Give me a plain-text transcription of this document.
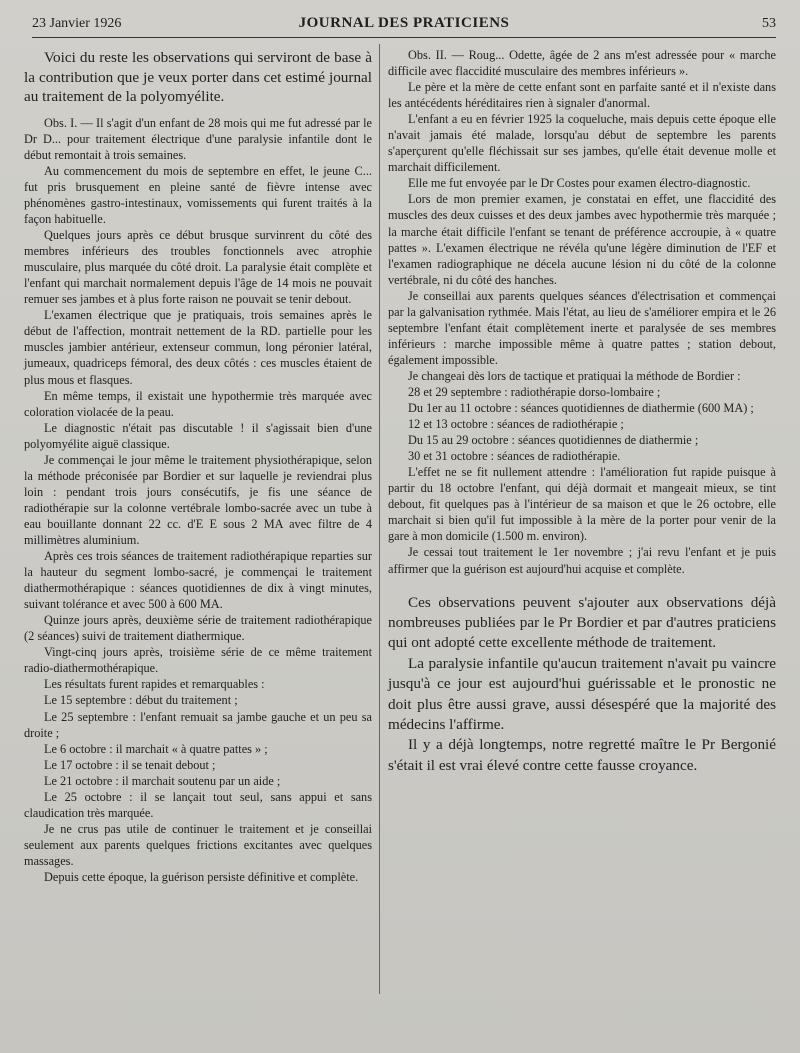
23 Janvier 1926	JOURNAL DES PRATICIENS	53

Voici du reste les observations qui serviront de base à la contribution que je veux porter dans cet estimé journal au traitement de la polyomyélite.

Obs. I. — Il s'agit d'un enfant de 28 mois qui me fut adressé par le Dr D... pour traitement électrique d'une paralysie infantile dont le début remontait à trois semaines.

Au commencement du mois de septembre en effet, le jeune C... fut pris brusquement en pleine santé de fièvre intense avec phénomènes gastro-intestinaux, vomissements qui furent traités à la façon habituelle.

Quelques jours après ce début brusque survinrent du côté des membres inférieurs des troubles fonctionnels avec atrophie musculaire, plus marquée du côté droit. La paralysie était complète et l'enfant qui marchait normalement depuis l'âge de 14 mois ne pouvait remuer ses jambes et à plus forte raison ne pouvait se tenir debout.

L'examen électrique que je pratiquais, trois semaines après le début de l'affection, montrait nettement de la RD. partielle pour les muscles jambier antérieur, extenseur commun, long péronier latéral, jumeaux, quadriceps fémoral, des deux côtés : ces muscles étaient de plus mous et flasques.

En même temps, il existait une hypothermie très marquée avec coloration violacée de la peau.

Le diagnostic n'était pas discutable ! il s'agissait bien d'une polyomyélite aiguë classique.

Je commençai le jour même le traitement physiothérapique, selon la méthode préconisée par Bordier et sur laquelle je reviendrai plus loin : pendant trois jours consécutifs, je fis une séance de radiothérapie sur la colonne vertébrale lombo-sacrée avec un tube à eau bouillante donnant 22 cc. d'E E sous 2 MA avec filtre de 4 millimètres aluminium.

Après ces trois séances de traitement radiothérapique reparties sur la hauteur du segment lombo-sacré, je commençai le traitement diathermothérapique : séances quotidiennes de dix à vingt minutes, suivant tolérance et avec 500 à 600 MA.

Quinze jours après, deuxième série de traitement radiothérapique (2 séances) suivi de traitement diathermique.

Vingt-cinq jours après, troisième série de ce même traitement radio-diathermothérapique.

Les résultats furent rapides et remarquables :

Le 15 septembre : début du traitement ;

Le 25 septembre : l'enfant remuait sa jambe gauche et un peu sa droite ;

Le 6 octobre : il marchait « à quatre pattes » ;

Le 17 octobre : il se tenait debout ;

Le 21 octobre : il marchait soutenu par un aide ;

Le 25 octobre : il se lançait tout seul, sans appui et sans claudication très marquée.

Je ne crus pas utile de continuer le traitement et je conseillai seulement aux parents quelques frictions excitantes avec quelques massages.

Depuis cette époque, la guérison persiste définitive et complète.

Obs. II. — Roug... Odette, âgée de 2 ans m'est adressée pour « marche difficile avec flaccidité musculaire des membres inférieurs ».

Le père et la mère de cette enfant sont en parfaite santé et il n'existe dans les antécédents héréditaires rien à signaler d'anormal.

L'enfant a eu en février 1925 la coqueluche, mais depuis cette époque elle n'avait jamais été malade, lorsqu'au début de septembre les parents s'aperçurent qu'elle fléchissait sur ses jambes, qu'elle était devenue molle et marchait difficilement.

Elle me fut envoyée par le Dr Costes pour examen électro-diagnostic.

Lors de mon premier examen, je constatai en effet, une flaccidité des muscles des deux cuisses et des deux jambes avec hypothermie très marquée ; la marche était difficile l'enfant se tenant de préférence accroupie, à « quatre pattes ». L'examen électrique ne révéla qu'une légère diminution de l'EF et l'examen radiographique ne décela aucune lésion ni du côté de la colonne vertébrale, ni du côté des hanches.

Je conseillai aux parents quelques séances d'électrisation et commençai par la galvanisation rythmée. Mais l'état, au lieu de s'améliorer empira et le 26 septembre l'enfant était complètement inerte et paralysée de ses membres inférieurs : marche impossible même à quatre pattes ; station debout, également impossible.

Je changeai dès lors de tactique et pratiquai la méthode de Bordier :

28 et 29 septembre : radiothérapie dorso-lombaire ;

Du 1er au 11 octobre : séances quotidiennes de diathermie (600 MA) ;

12 et 13 octobre : séances de radiothérapie ;

Du 15 au 29 octobre : séances quotidiennes de diathermie ;

30 et 31 octobre : séances de radiothérapie.

L'effet ne se fit nullement attendre : l'amélioration fut rapide puisque à partir du 18 octobre l'enfant, qui déjà dormait et mangeait mieux, se tint debout, fit quelques pas à l'intérieur de sa maison et que le 26 octobre, elle marchait si bien qu'il fut impossible à la mère de la porter pour venir de la gare à mon domicile (1.500 m. environ).

Je cessai tout traitement le 1er novembre ; j'ai revu l'enfant et je puis affirmer que la guérison est aujourd'hui acquise et complète.

Ces observations peuvent s'ajouter aux observations déjà nombreuses publiées par le Pr Bordier et par d'autres praticiens qui ont adopté cette excellente méthode de traitement.

La paralysie infantile qu'aucun traitement n'avait pu vaincre jusqu'à ce jour est aujourd'hui guérissable et le pronostic ne doit plus être aussi grave, aussi désespéré que la majorité des médecins l'affirme.

Il y a déjà longtemps, notre regretté maître le Pr Bergonié s'était il est vrai élevé contre cette fausse croyance.
